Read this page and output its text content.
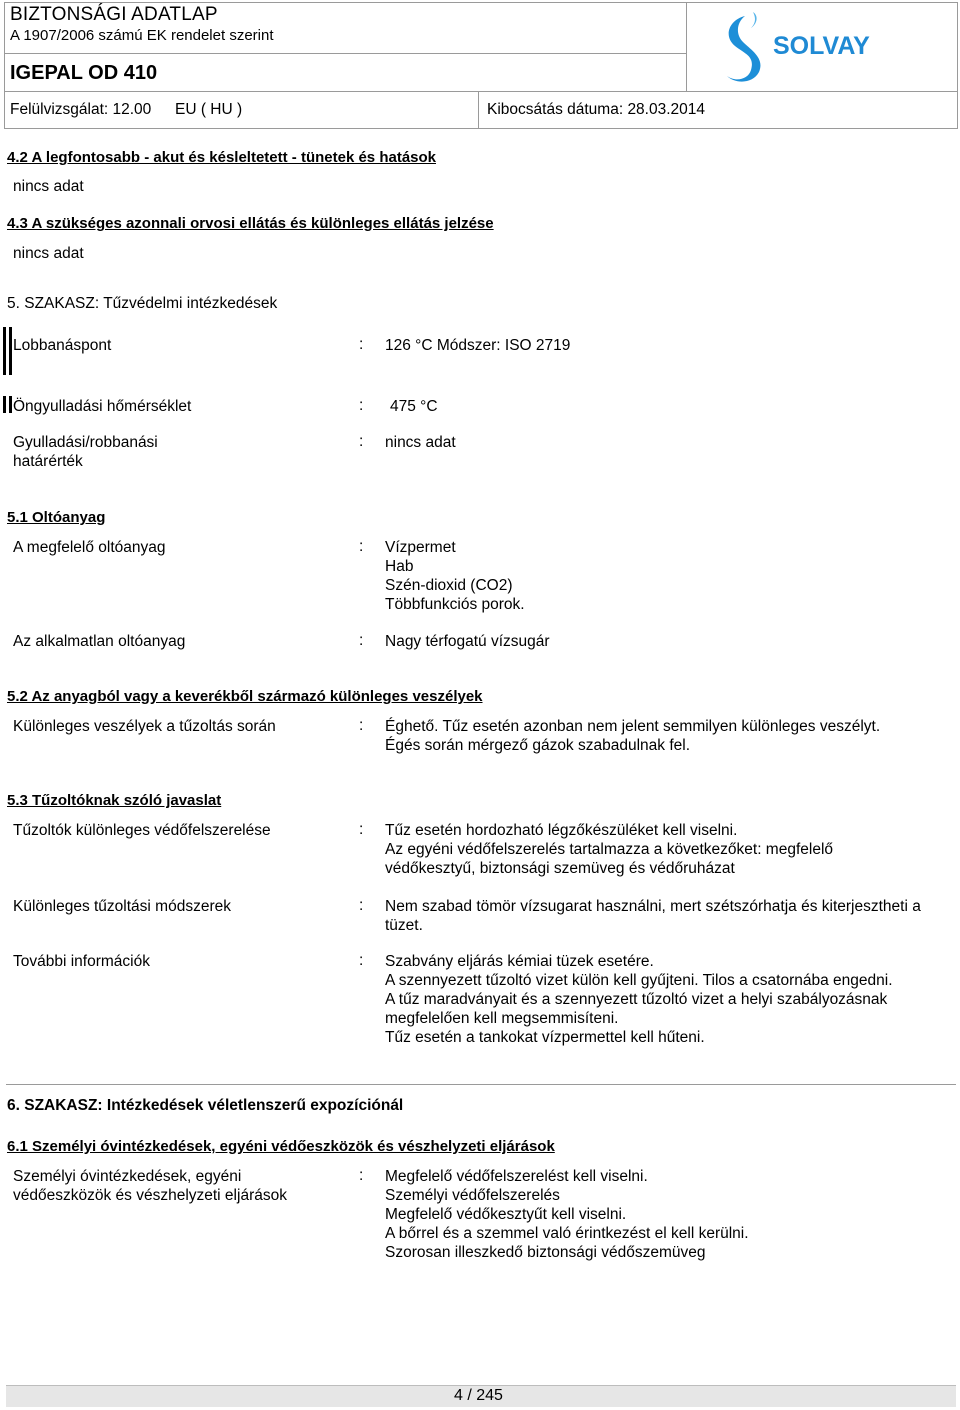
BIZTONSÁGI ADATLAP
A 1907/2006 számú EK rendelet szerint
IGEPAL OD 410
Felülvizsgálat: 12.00 EU ( HU )	Kibocsátás dátuma: 28.03.2014
SOLVAY
4.2 A legfontosabb - akut és késleltetett - tünetek és hatások
nincs adat
4.3 A szükséges azonnali orvosi ellátás és különleges ellátás jelzése
nincs adat
5. SZAKASZ: Tűzvédelmi intézkedések
Lobbanáspont	: 126 °C Módszer: ISO 2719
Öngyulladási hőmérséklet	: 475 °C
Gyulladási/robbanási
határérték
: nincs adat
5.1 Oltóanyag
A megfelelő oltóanyag	: Vízpermet
Hab
Szén-dioxid (CO2)
Többfunkciós porok.
Az alkalmatlan oltóanyag	: Nagy térfogatú vízsugár
5.2 Az anyagból vagy a keverékből származó különleges veszélyek
Különleges veszélyek a tűzoltás során	: Éghető. Tűz esetén azonban nem jelent semmilyen különleges veszélyt.
Égés során mérgező gázok szabadulnak fel.
5.3 Tűzoltóknak szóló javaslat
Tűzoltók különleges védőfelszerelése	: Tűz esetén hordozható légzőkészüléket kell viselni.
Az egyéni védőfelszerelés tartalmazza a következőket: megfelelő
védőkesztyű, biztonsági szemüveg és védőruházat
Különleges tűzoltási módszerek	: Nem szabad tömör vízsugarat használni, mert szétszórhatja és kiterjesztheti a
tüzet.
További információk	: Szabvány eljárás kémiai tüzek esetére.
A szennyezett tűzoltó vizet külön kell gyűjteni. Tilos a csatornába engedni.
A tűz maradványait és a szennyezett tűzoltó vizet a helyi szabályozásnak
megfelelően kell megsemmisíteni.
Tűz esetén a tankokat vízpermettel kell hűteni.
6. SZAKASZ: Intézkedések véletlenszerű expozíciónál
6.1 Személyi óvintézkedések, egyéni védőeszközök és vészhelyzeti eljárások
Személyi óvintézkedések, egyéni
védőeszközök és vészhelyzeti eljárások
: Megfelelő védőfelszerelést kell viselni.
Személyi védőfelszerelés
Megfelelő védőkesztyűt kell viselni.
A bőrrel és a szemmel való érintkezést el kell kerülni.
Szorosan illeszkedő biztonsági védőszemüveg
4 / 245
